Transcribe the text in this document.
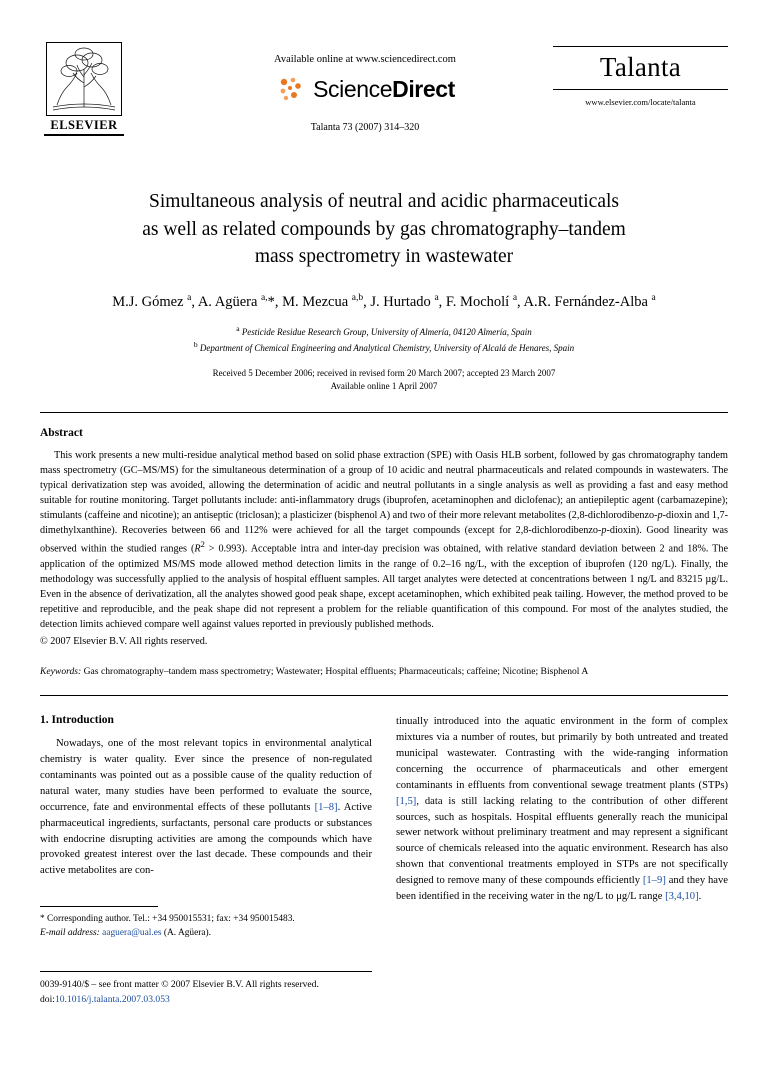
ELSEVIER
Available online at www.sciencedirect.com
ScienceDirect
Talanta 73 (2007) 314–320
Talanta
www.elsevier.com/locate/talanta
Simultaneous analysis of neutral and acidic pharmaceuticals
as well as related compounds by gas chromatography–tandem
mass spectrometry in wastewater
M.J. Gómez $^a$, A. Agüera $^{a,}$*, M. Mezcua $^{a,b}$, J. Hurtado $^a$, F. Mocholí $^a$, A.R. Fernández-Alba $^a$
$^a$ Pesticide Residue Research Group, University of Almería, 04120 Almería, Spain
$^b$ Department of Chemical Engineering and Analytical Chemistry, University of Alcalá de Henares, Spain
Received 5 December 2006; received in revised form 20 March 2007; accepted 23 March 2007
Available online 1 April 2007
Abstract
This work presents a new multi-residue analytical method based on solid phase extraction (SPE) with Oasis HLB sorbent, followed by gas chromatography tandem mass spectrometry (GC–MS/MS) for the simultaneous determination of a group of 10 acidic and neutral pharmaceuticals and related compounds in wastewaters. The typical derivatization step was avoided, allowing the determination of acidic and neutral pollutants in a single analysis as well as providing a fast and easy method suitable for routine monitoring. Target pollutants include: anti-inflammatory drugs (ibuprofen, acetaminophen and diclofenac); an antiepileptic agent (carbamazepine); stimulants (caffeine and nicotine); an antiseptic (triclosan); a plasticizer (bisphenol A) and two of their more relevant metabolites (2,8-dichlorodibenzo-p-dioxin and 1,7-dimethylxanthine). Recoveries between 66 and 112% were achieved for all the target compounds (except for 2,8-dichlorodibenzo-p-dioxin). Good linearity was observed within the studied ranges $(R^2 > 0.993)$. Acceptable intra and inter-day precision was obtained, with relative standard deviation between 2 and 18%. The application of the optimized MS/MS mode allowed method detection limits in the range of 0.2–16 ng/L, with the exception of ibuprofen (120 ng/L). Finally, the methodology was successfully applied to the analysis of hospital effluent samples. All target analytes were detected at concentrations between 1 ng/L and 83215 µg/L. Even in the absence of derivatization, all the analytes showed good peak shape, except acetaminophen, which exhibited peak tailing. However, the method proved to be repetitive and reproducible, and the peak shape did not represent a problem for the reliable quantification of this compound. For most of the analytes studied, the detection limits achieved compare well against values reported in previously published methods.
© 2007 Elsevier B.V. All rights reserved.
Keywords: Gas chromatography–tandem mass spectrometry; Wastewater; Hospital effluents; Pharmaceuticals; caffeine; Nicotine; Bisphenol A
1. Introduction

Nowadays, one of the most relevant topics in environmental analytical chemistry is water quality. Ever since the presence of non-regulated contaminants was pointed out as a possible cause of the quality reduction of natural water, many studies have been performed to evaluate the source, occurrence, fate and environmental effects of these pollutants [1–8]. Active pharmaceutical ingredients, surfactants, personal care products or substances with endocrine disrupting activities are among the compounds which have provoked greatest interest over the last decade. These compounds and their active metabolites are con-

* Corresponding author. Tel.: +34 950015531; fax: +34 950015483.
E-mail address: aaguera@ual.es (A. Agüera).

tinually introduced into the aquatic environment in the form of complex mixtures via a number of routes, but primarily by both untreated and treated municipal wastewater. Contrasting with the wide-ranging information concerning the occurrence of pharmaceuticals and other emergent contaminants in effluents from conventional sewage treatment plants (STPs) [1,5], data is still lacking relating to the contribution of other different sources, such as hospitals. Hospital effluents generally reach the municipal sewer network without preliminary treatment and may represent a significant source of chemicals released into the aquatic environment. Research has also shown that conventional treatments employed in STPs are not specifically designed to remove many of these compounds efficiently [1–9] and they have been identified in the receiving water in the ng/L to μg/L range [3,4,10].

0039-9140/$ – see front matter © 2007 Elsevier B.V. All rights reserved.
doi:10.1016/j.talanta.2007.03.053
